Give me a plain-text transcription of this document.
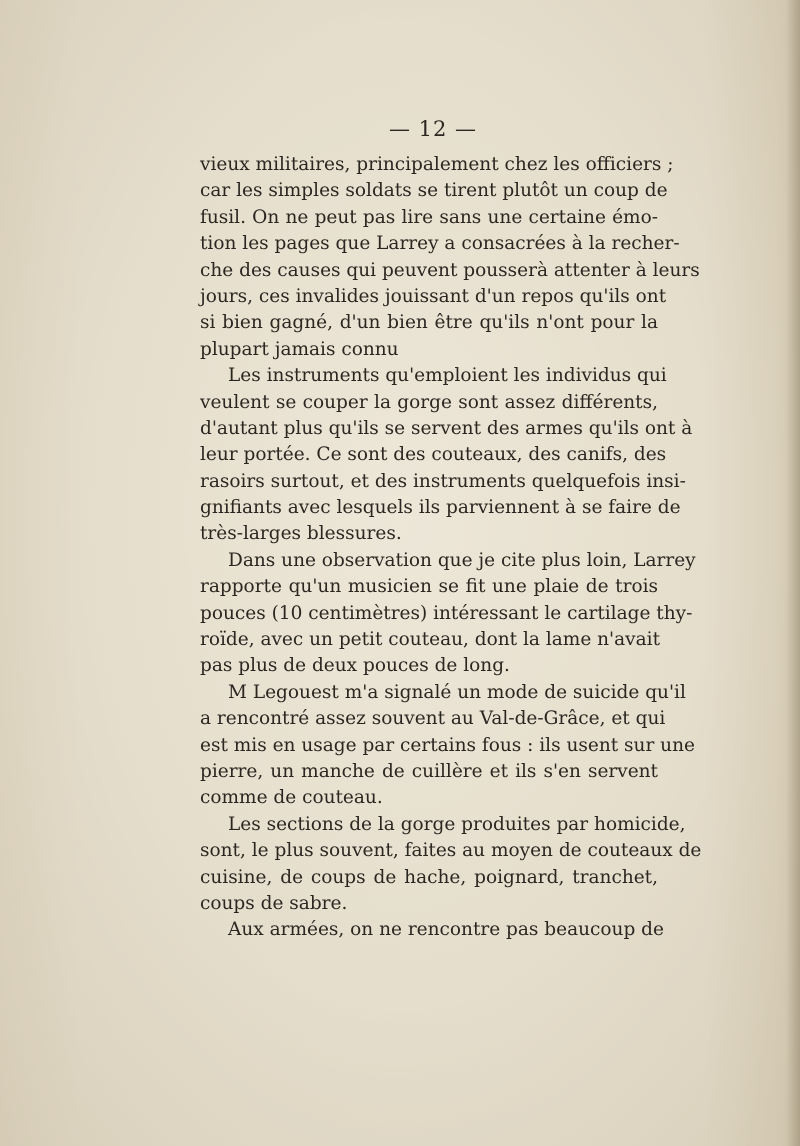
— 12 —
vieux militaires, principalement chez les officiers ;
car les simples soldats se tirent plutôt un coup de
fusil. On ne peut pas lire sans une certaine émo-
tion les pages que Larrey a consacrées à la recher-
che des causes qui peuvent pousserà attenter à leurs
jours, ces invalides jouissant d'un repos qu'ils ont
si bien gagné, d'un bien être qu'ils n'ont pour la
plupart jamais connu
Les instruments qu'emploient les individus qui
veulent se couper la gorge sont assez différents,
d'autant plus qu'ils se servent des armes qu'ils ont à
leur portée. Ce sont des couteaux, des canifs, des
rasoirs surtout, et des instruments quelquefois insi-
gnifiants avec lesquels ils parviennent à se faire de
très-larges blessures.
Dans une observation que je cite plus loin, Larrey
rapporte qu'un musicien se fit une plaie de trois
pouces (10 centimètres) intéressant le cartilage thy-
roïde, avec un petit couteau, dont la lame n'avait
pas plus de deux pouces de long.
M Legouest m'a signalé un mode de suicide qu'il
a rencontré assez souvent au Val-de-Grâce, et qui
est mis en usage par certains fous : ils usent sur une
pierre, un manche de cuillère et ils s'en servent
comme de couteau.
Les sections de la gorge produites par homicide,
sont, le plus souvent, faites au moyen de couteaux de
cuisine, de coups de hache, poignard, tranchet,
coups de sabre.
Aux armées, on ne rencontre pas beaucoup de
